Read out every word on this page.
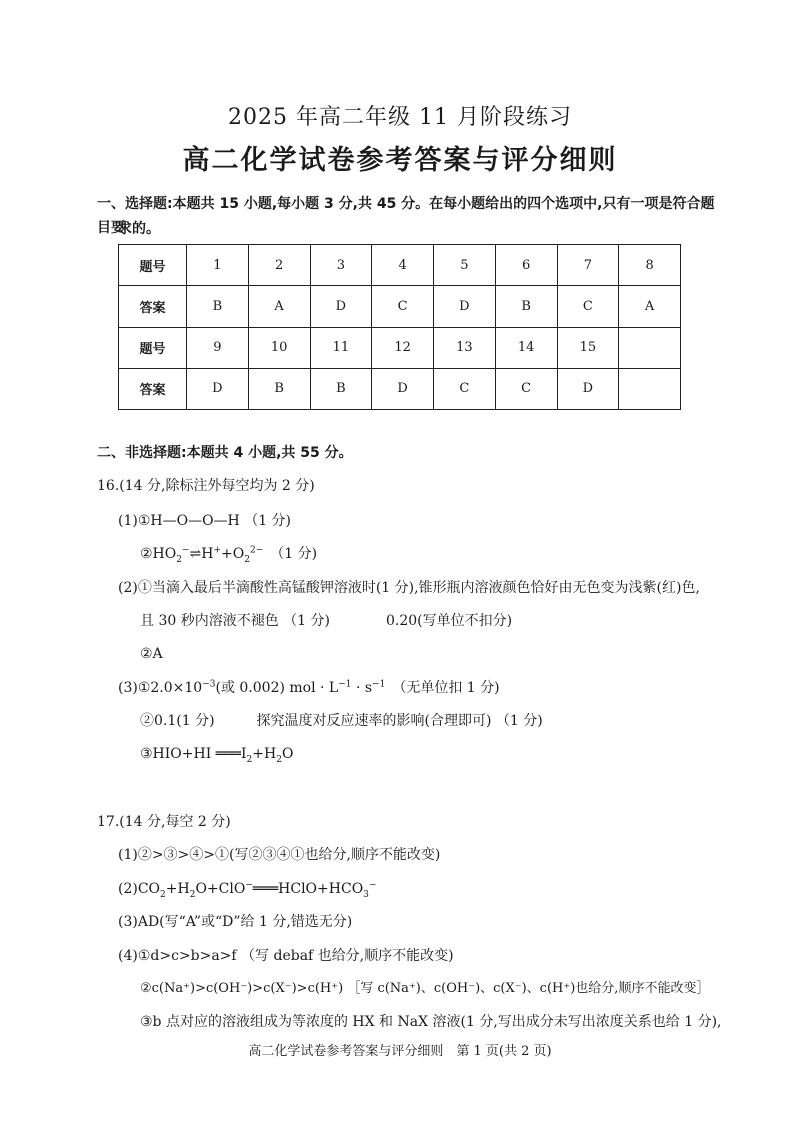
2025 年高二年级 11 月阶段练习
高二化学试卷参考答案与评分细则
一、选择题:本题共 15 小题,每小题 3 分,共 45 分。在每小题给出的四个选项中,只有一项是符合题目要
求的。
题号	1	2	3	4	5	6	7	8
答案	B	A	D	C	D	B	C	A
题号	9	10	11	12	13	14	15	
答案	D	B	B	D	C	C	D	
二、非选择题:本题共 4 小题,共 55 分。
16.(14 分,除标注外每空均为 2 分)
(1)①H—O—O—H （1 分)
$②HO_2^-\rightleftharpoons H^++O_2^{2-}$　 （1 分)
(2)①当滴入最后半滴酸性高锰酸钾溶液时(1 分),锥形瓶内溶液颜色恰好由无色变为浅紫(红)色,
且 30 秒内溶液不褪色 （1 分)　　　　0.20(写单位不扣分)
②A
$(3)①2.0\times 10^{-3}$(或 0.002) mol · $L^{-1} \cdot s^{-1}$　 （无单位扣 1 分)
②0.1(1 分)　　　探究温度对反应速率的影响(合理即可) （1 分)
③HIO+HI $═══I_2+H_2O$
17.(14 分,每空 2 分)
(1)②>③>④>①(写②③④①也给分,顺序不能改变)
$(2)CO_2+H_2O+ClO^-═══HClO+HCO_3^-$
(3)AD(写“A”或“D”给 1 分,错选无分)
(4)①d>c>b>a>f （写 debaf 也给分,顺序不能改变)
②c(Na⁺)>c(OH⁻)>c(X⁻)>c(H⁺) ［写 c(Na⁺)、c(OH⁻)、c(X⁻)、c(H⁺)也给分,顺序不能改变］
③b 点对应的溶液组成为等浓度的 HX 和 NaX 溶液(1 分,写出成分未写出浓度关系也给 1 分),
高二化学试卷参考答案与评分细则　第 1 页(共 2 页)
